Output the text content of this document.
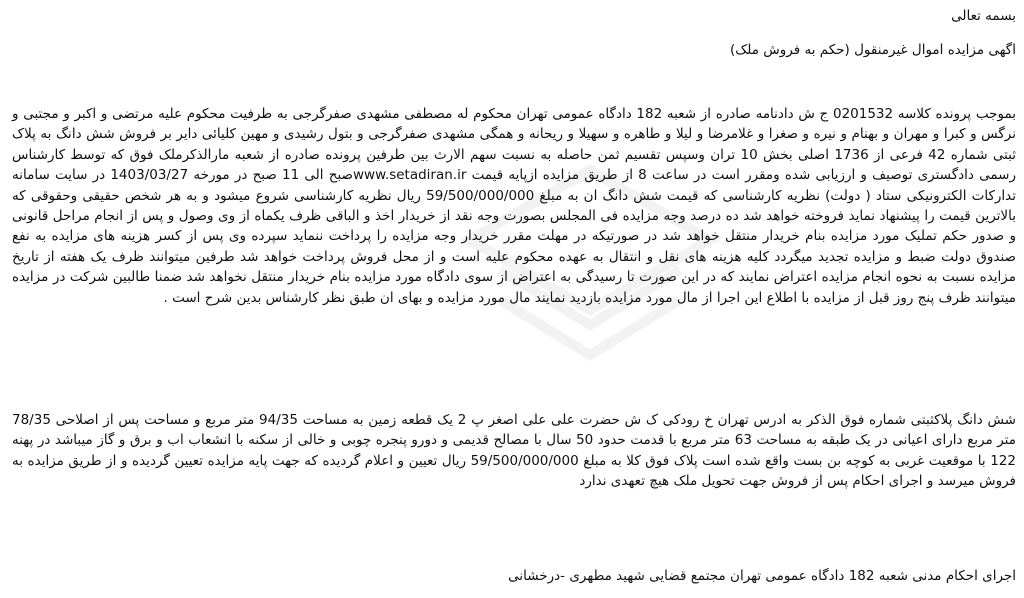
بسمه تعالی
اگهی مزایده اموال غیرمنقول (حکم به فروش ملک)
بموجب پرونده کلاسه 0201532 ج ش دادنامه صادره از شعبه 182 دادگاه عمومی تهران محکوم له مصطفی مشهدی صفرگرجی به طرفیت محکوم علیه مرتضی و اکبر و مجتبی و نرگس و کبرا و مهران و بهنام و نیره و صغرا و غلامرضا و لیلا و طاهره و سهیلا و ریحانه و همگی مشهدی صفرگرجی و بتول رشیدی و مهین کلیائی دایر بر فروش شش دانگ به پلاک ثبتی شماره 42 فرعی از 1736 اصلی بخش 10 تران وسپس تقسیم ثمن حاصله به نسبت سهم الارث بین طرفین پرونده صادره از شعبه مارالذکرملک فوق که توسط کارشناس رسمی دادگستری توصیف و ارزیابی شده ومقرر است در ساعت 8 از طریق مزایده ازپایه قیمت www.setadiran.irصبح الی 11 صبح در مورخه 1403/03/27 در سایت سامانه تدارکات الکترونیکی ستاد ( دولت) نظریه کارشناسی که قیمت شش دانگ ان به مبلغ 59/500/000/000 ریال نظریه کارشناسی شروع میشود و به هر شخص حقیقی وحقوقی که بالاترین قیمت را پیشنهاد نماید فروخته خواهد شد ده درصد وجه مزایده فی المجلس بصورت وجه نقد از خریدار اخذ و الباقی ظرف یکماه از وی وصول و پس از انجام مراحل قانونی و صدور حکم تملیک مورد مزایده بنام خریدار منتقل خواهد شد در صورتیکه در مهلت مقرر خریدار وجه مزایده را پرداخت ننماید سپرده وی پس از کسر هزینه های مزایده به نفع صندوق دولت ضبط و مزایده تجدید میگردد کلیه هزینه های نقل و انتقال به عهده محکوم علیه است و از محل فروش پرداخت خواهد شد طرفین میتوانند ظرف یک هفته از تاریخ مزایده نسبت به نحوه انجام مزایده اعتراض نمایند که در این صورت تا رسیدگی به اعتراض از سوی دادگاه مورد مزایده بنام خریدار منتقل نخواهد شد ضمنا طالبین شرکت در مزایده میتوانند ظرف پنج روز قبل از مزایده با اطلاع این اجرا از مال مورد مزایده بازدید نمایند مال مورد مزایده و بهای ان طبق نظر کارشناس بدین شرح است .
شش دانگ پلاکثبتی شماره فوق الذکر به ادرس تهران خ رودکی ک ش حضرت علی علی اصغر پ 2 یک قطعه زمین به مساحت 94/35 متر مربع و مساحت پس از اصلاحی 78/35 متر مربع دارای اعیانی در یک طبقه به مساحت 63 متر مربع با قدمت حدود 50 سال با مصالح قدیمی و دورو پنجره چوبی و خالی از سکنه با انشعاب اب و برق و گاز میباشد در پهنه 122 با موقعیت غربی به کوچه بن بست واقع شده است پلاک فوق کلا به مبلغ 59/500/000/000 ریال تعیین و اعلام گردیده که جهت پایه مزایده تعیین گردیده و از طریق مزایده به فروش میرسد و اجرای احکام پس از فروش جهت تحویل ملک هیچ تعهدی ندارد
اجرای احکام مدنی شعبه 182 دادگاه عمومی تهران مجتمع قضایی شهید مطهری -درخشانی
